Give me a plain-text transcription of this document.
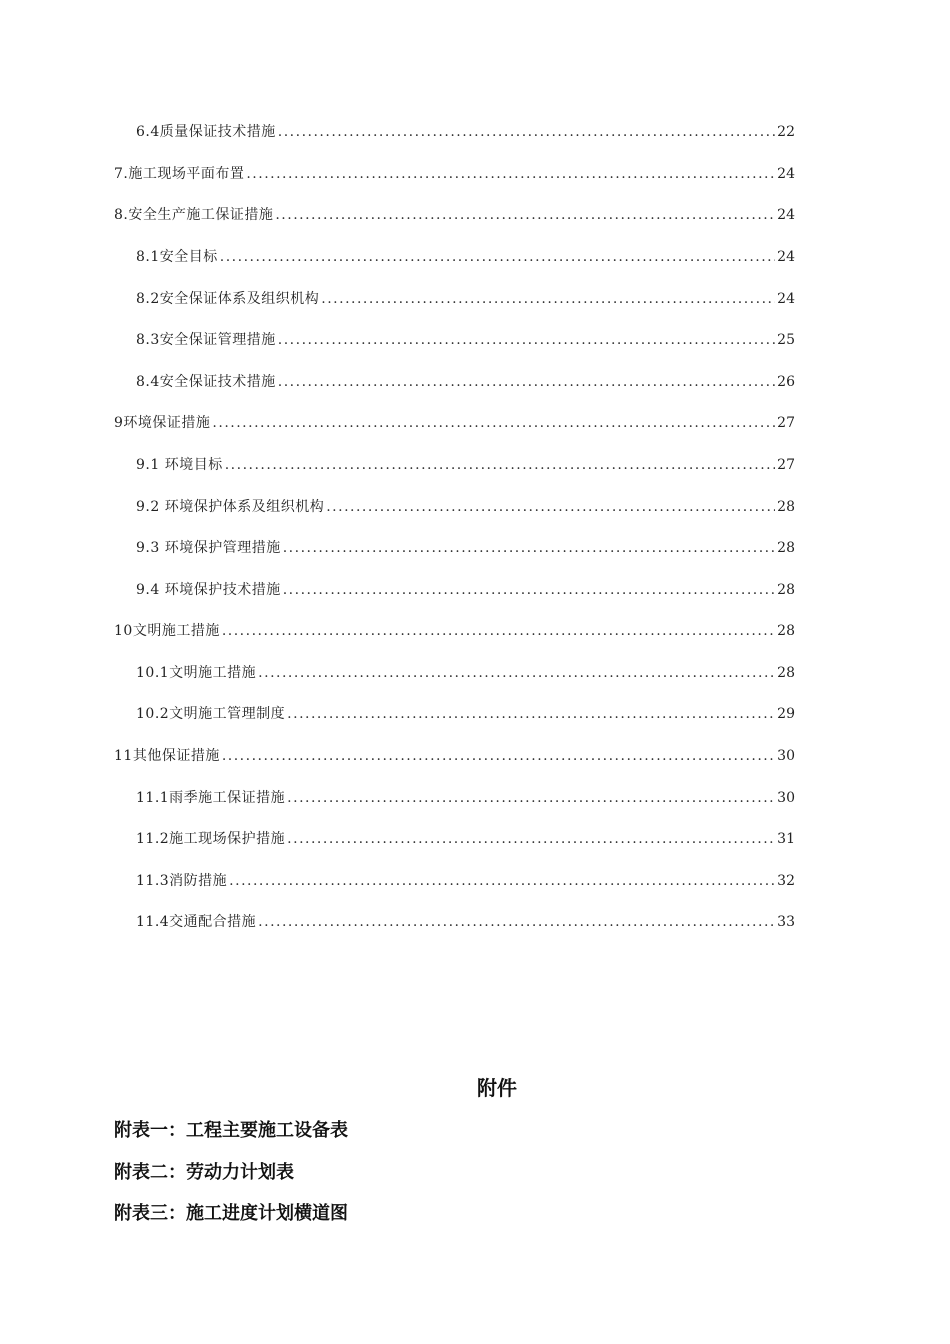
6.4质量保证技术措施 .....	22
7.施工现场平面布置 .....	24
8.安全生产施工保证措施 .....	24
8.1安全目标 .....	24
8.2安全保证体系及组织机构 .....	24
8.3安全保证管理措施 .....	25
8.4安全保证技术措施 .....	26
9环境保证措施 .....	27
9.1 环境目标 .....	27
9.2 环境保护体系及组织机构 .....	28
9.3 环境保护管理措施 .....	28
9.4 环境保护技术措施 .....	28
10文明施工措施 .....	28
10.1文明施工措施 .....	28
10.2文明施工管理制度 .....	29
11其他保证措施 .....	30
11.1雨季施工保证措施 .....	30
11.2施工现场保护措施 .....	31
11.3消防措施 .....	32
11.4交通配合措施 .....	33
附件
附表一：工程主要施工设备表
附表二：劳动力计划表
附表三：施工进度计划横道图
